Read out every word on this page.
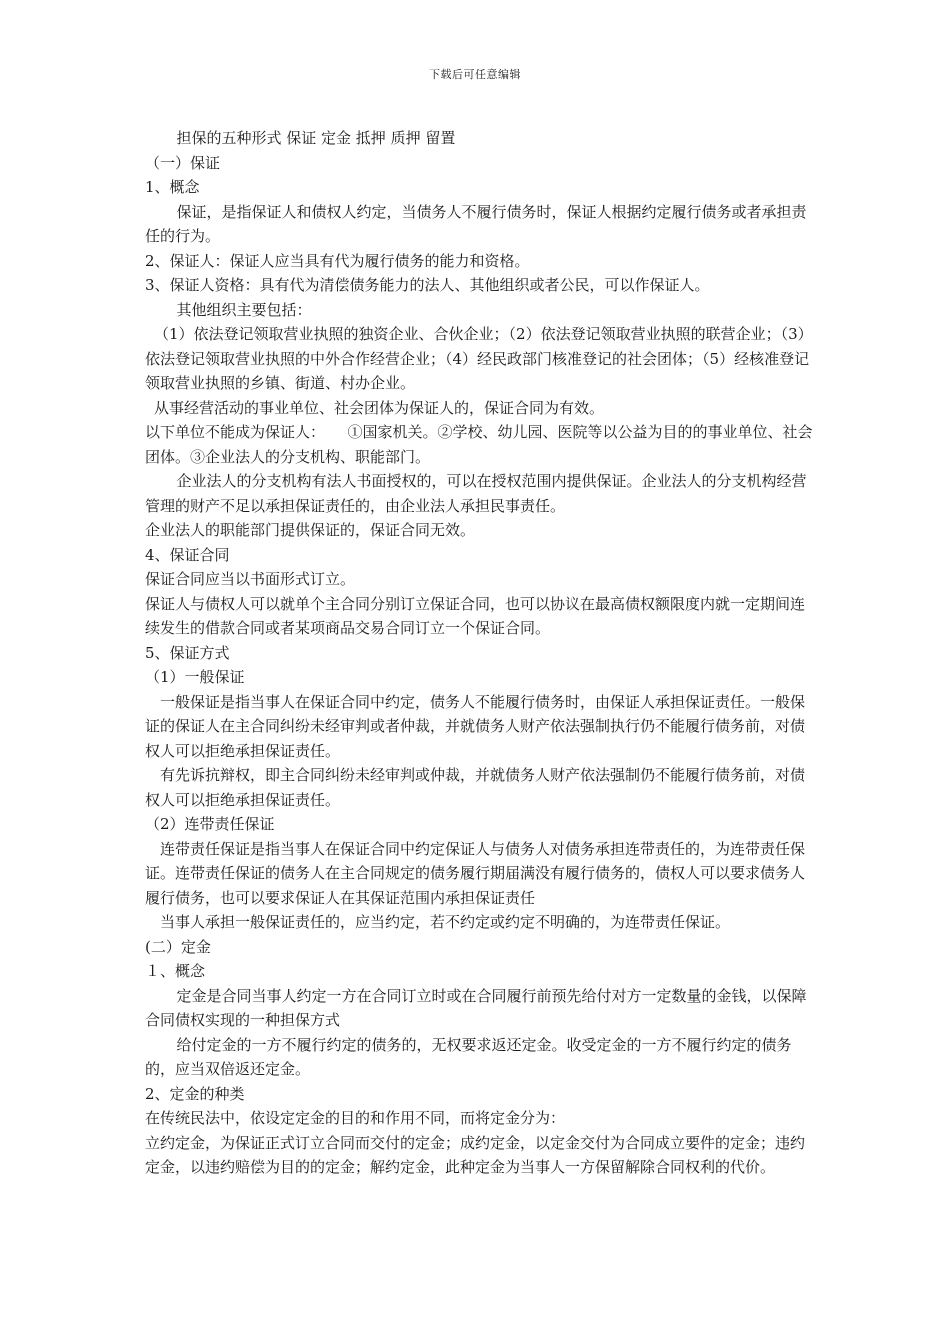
下载后可任意编辑

担保的五种形式 保证 定金 抵押 质押 留置

（一）保证

1、概念

保证，是指保证人和债权人约定，当债务人不履行债务时，保证人根据约定履行债务或者承担责任的行为。

2、保证人：保证人应当具有代为履行债务的能力和资格。

3、保证人资格：具有代为清偿债务能力的法人、其他组织或者公民，可以作保证人。

其他组织主要包括：

（1）依法登记领取营业执照的独资企业、合伙企业；（2）依法登记领取营业执照的联营企业；（3）依法登记领取营业执照的中外合作经营企业；（4）经民政部门核准登记的社会团体；（5）经核准登记领取营业执照的乡镇、街道、村办企业。

从事经营活动的事业单位、社会团体为保证人的，保证合同为有效。

以下单位不能成为保证人：　　①国家机关。②学校、幼儿园、医院等以公益为目的的事业单位、社会团体。③企业法人的分支机构、职能部门。

企业法人的分支机构有法人书面授权的，可以在授权范围内提供保证。企业法人的分支机构经营管理的财产不足以承担保证责任的，由企业法人承担民事责任。

企业法人的职能部门提供保证的，保证合同无效。

4、保证合同

保证合同应当以书面形式订立。

保证人与债权人可以就单个主合同分别订立保证合同，也可以协议在最高债权额限度内就一定期间连续发生的借款合同或者某项商品交易合同订立一个保证合同。

5、保证方式

（1）一般保证

一般保证是指当事人在保证合同中约定，债务人不能履行债务时，由保证人承担保证责任。一般保证的保证人在主合同纠纷未经审判或者仲裁，并就债务人财产依法强制执行仍不能履行债务前，对债权人可以拒绝承担保证责任。

有先诉抗辩权，即主合同纠纷未经审判或仲裁，并就债务人财产依法强制仍不能履行债务前，对债权人可以拒绝承担保证责任。

（2）连带责任保证

连带责任保证是指当事人在保证合同中约定保证人与债务人对债务承担连带责任的，为连带责任保证。连带责任保证的债务人在主合同规定的债务履行期届满没有履行债务的，债权人可以要求债务人履行债务，也可以要求保证人在其保证范围内承担保证责任

当事人承担一般保证责任的，应当约定，若不约定或约定不明确的，为连带责任保证。

(二）定金

１、概念

定金是合同当事人约定一方在合同订立时或在合同履行前预先给付对方一定数量的金钱，以保障合同债权实现的一种担保方式

给付定金的一方不履行约定的债务的，无权要求返还定金。收受定金的一方不履行约定的债务的，应当双倍返还定金。

2、定金的种类

在传统民法中，依设定定金的目的和作用不同，而将定金分为：

立约定金，为保证正式订立合同而交付的定金；成约定金，以定金交付为合同成立要件的定金；违约定金，以违约赔偿为目的的定金；解约定金，此种定金为当事人一方保留解除合同权利的代价。
